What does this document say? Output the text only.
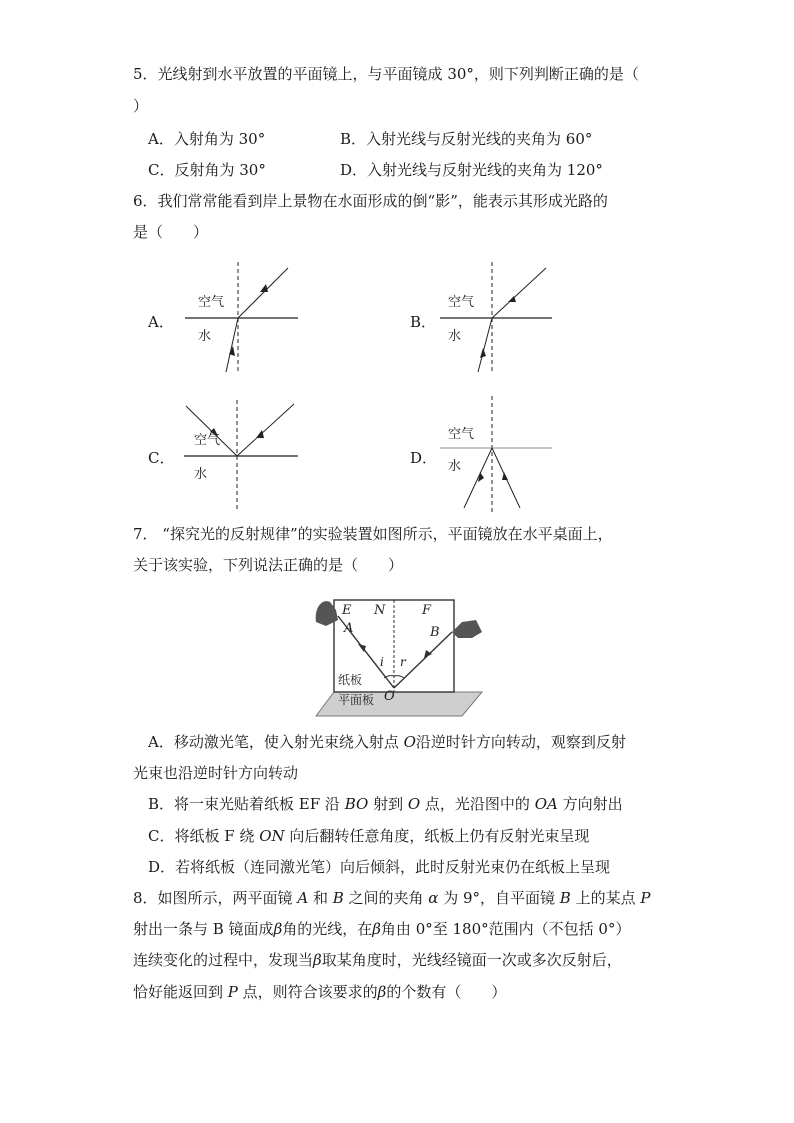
5．光线射到水平放置的平面镜上，与平面镜成 30°，则下列判断正确的是（
）
A．入射角为 30°	B．入射光线与反射光线的夹角为 60°
C．反射角为 30°	D．入射光线与反射光线的夹角为 120°
6．我们常常能看到岸上景物在水面形成的倒“影”，能表示其形成光路的
是（　　）
A．
空气
水
B．
空气
水
C．
空气
水
D．
空气
水
7． “探究光的反射规律”的实验装置如图所示，平面镜放在水平桌面上，
关于该实验，下列说法正确的是（　　）
E N	F
A	B
i r
O
纸板
平面板
A．移动激光笔，使入射光束绕入射点 O沿逆时针方向转动，观察到反射
光束也沿逆时针方向转动
B．将一束光贴着纸板 EF 沿 BO 射到 O 点，光沿图中的 OA 方向射出
C．将纸板 F 绕 ON 向后翻转任意角度，纸板上仍有反射光束呈现
D．若将纸板（连同激光笔）向后倾斜，此时反射光束仍在纸板上呈现
8．如图所示，两平面镜 A 和 B 之间的夹角 α 为 9°，自平面镜 B 上的某点 P
射出一条与 B 镜面成β角的光线，在β角由 0°至 180°范围内（不包括 0°）
连续变化的过程中，发现当β取某角度时，光线经镜面一次或多次反射后，
恰好能返回到 P 点，则符合该要求的β的个数有（　　）
